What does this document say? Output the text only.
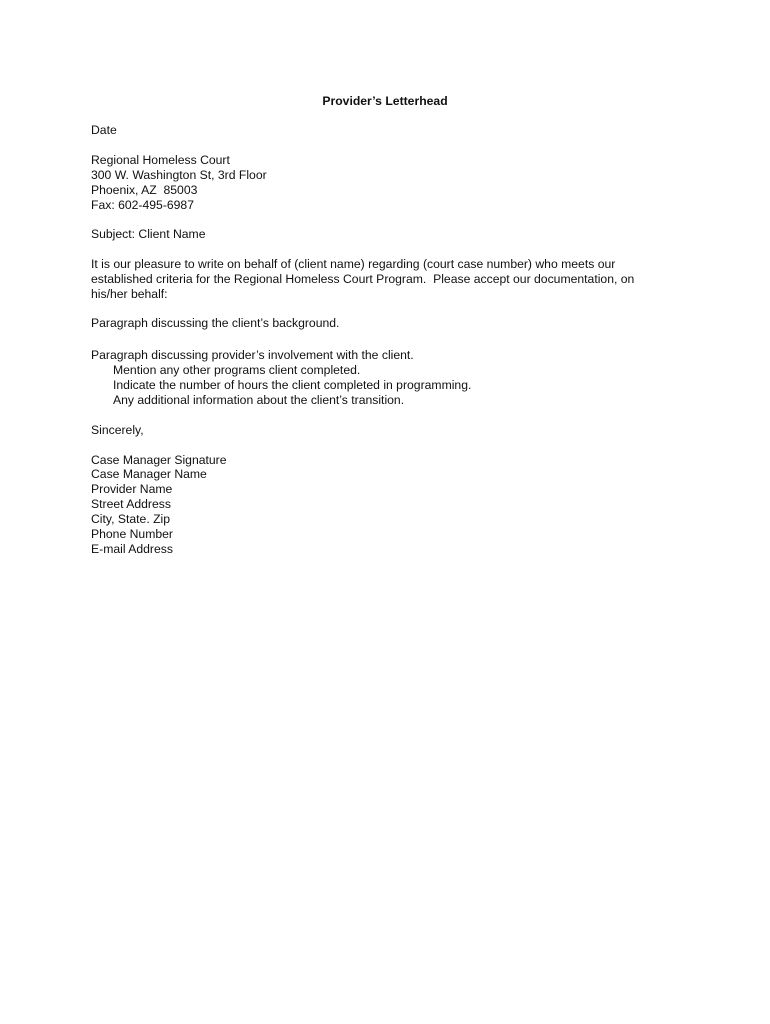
Provider’s Letterhead
Date
Regional Homeless Court
300 W. Washington St, 3rd Floor
Phoenix, AZ  85003
Fax: 602-495-6987
Subject: Client Name
It is our pleasure to write on behalf of (client name) regarding (court case number) who meets our
established criteria for the Regional Homeless Court Program.  Please accept our documentation, on
his/her behalf:
Paragraph discussing the client’s background.
Paragraph discussing provider’s involvement with the client.
Mention any other programs client completed.
Indicate the number of hours the client completed in programming.
Any additional information about the client’s transition.
Sincerely,
Case Manager Signature
Case Manager Name
Provider Name
Street Address
City, State. Zip
Phone Number
E-mail Address
